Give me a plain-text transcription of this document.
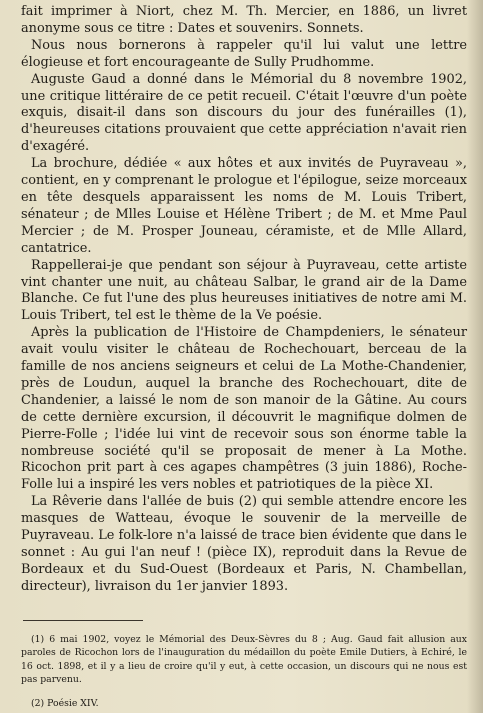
fait imprimer à Niort, chez M. Th. Mercier, en 1886, un livret anonyme sous ce titre : Dates et souvenirs. Sonnets.

Nous nous bornerons à rappeler qu'il lui valut une lettre élogieuse et fort encourageante de Sully Prudhomme.

Auguste Gaud a donné dans le Mémorial du 8 novembre 1902, une critique littéraire de ce petit recueil. C'était l'œuvre d'un poète exquis, disait-il dans son discours du jour des funérailles (1), d'heureuses citations prouvaient que cette appréciation n'avait rien d'exagéré.

La brochure, dédiée « aux hôtes et aux invités de Puyraveau », contient, en y comprenant le prologue et l'épilogue, seize morceaux en tête desquels apparaissent les noms de M. Louis Tribert, sénateur ; de Mlles Louise et Hélène Tribert ; de M. et Mme Paul Mercier ; de M. Prosper Jouneau, céramiste, et de Mlle Allard, cantatrice.

Rappellerai-je que pendant son séjour à Puyraveau, cette artiste vint chanter une nuit, au château Salbar, le grand air de la Dame Blanche. Ce fut l'une des plus heureuses initiatives de notre ami M. Louis Tribert, tel est le thème de la Ve poésie.

Après la publication de l'Histoire de Champdeniers, le sénateur avait voulu visiter le château de Rochechouart, berceau de la famille de nos anciens seigneurs et celui de La Mothe-Chandenier, près de Loudun, auquel la branche des Rochechouart, dite de Chandenier, a laissé le nom de son manoir de la Gâtine. Au cours de cette dernière excursion, il découvrit le magnifique dolmen de Pierre-Folle ; l'idée lui vint de recevoir sous son énorme table la nombreuse société qu'il se proposait de mener à La Mothe. Ricochon prit part à ces agapes champêtres (3 juin 1886), Roche-Folle lui a inspiré les vers nobles et patriotiques de la pièce XI.

La Rêverie dans l'allée de buis (2) qui semble attendre encore les masques de Watteau, évoque le souvenir de la merveille de Puyraveau. Le folk-lore n'a laissé de trace bien évidente que dans le sonnet : Au gui l'an neuf ! (pièce IX), reproduit dans la Revue de Bordeaux et du Sud-Ouest (Bordeaux et Paris, N. Chambellan, directeur), livraison du 1er janvier 1893.

(1) 6 mai 1902, voyez le Mémorial des Deux-Sèvres du 8 ; Aug. Gaud fait allusion aux paroles de Ricochon lors de l'inauguration du médaillon du poète Emile Dutiers, à Echiré, le 16 oct. 1898, et il y a lieu de croire qu'il y eut, à cette occasion, un discours qui ne nous est pas parvenu.

(2) Poésie XIV.
